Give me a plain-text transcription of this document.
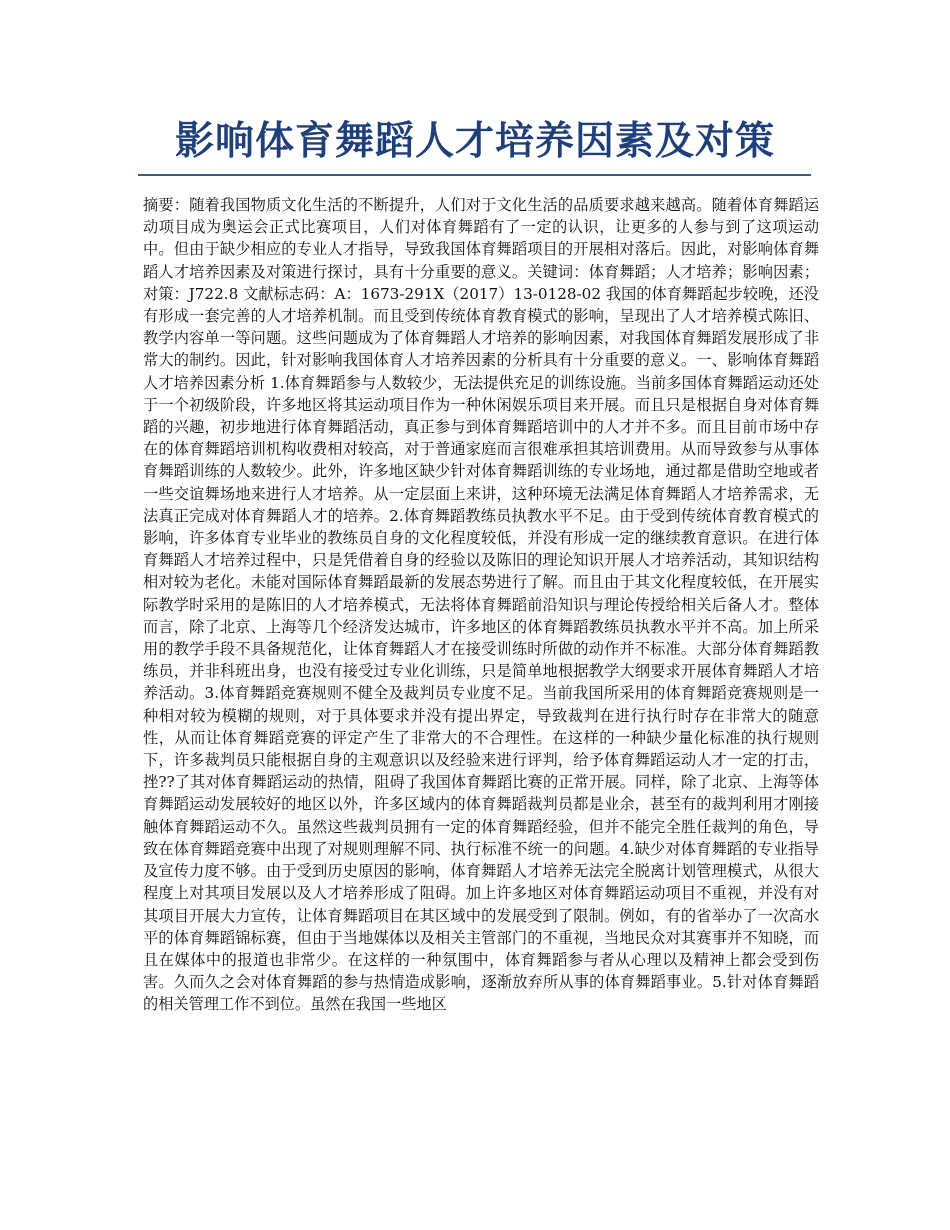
影响体育舞蹈人才培养因素及对策

摘要：随着我国物质文化生活的不断提升，人们对于文化生活的品质要求越来越高。随着体育舞蹈运动项目成为奥运会正式比赛项目，人们对体育舞蹈有了一定的认识，让更多的人参与到了这项运动中。但由于缺少相应的专业人才指导，导致我国体育舞蹈项目的开展相对落后。因此，对影响体育舞蹈人才培养因素及对策进行探讨，具有十分重要的意义。关键词：体育舞蹈；人才培养；影响因素；对策：J722.8 文献标志码：A：1673-291X（2017）13-0128-02 我国的体育舞蹈起步较晚，还没有形成一套完善的人才培养机制。而且受到传统体育教育模式的影响，呈现出了人才培养模式陈旧、教学内容单一等问题。这些问题成为了体育舞蹈人才培养的影响因素，对我国体育舞蹈发展形成了非常大的制约。因此，针对影响我国体育人才培养因素的分析具有十分重要的意义。一、影响体育舞蹈人才培养因素分析 1.体育舞蹈参与人数较少，无法提供充足的训练设施。当前多国体育舞蹈运动还处于一个初级阶段，许多地区将其运动项目作为一种休闲娱乐项目来开展。而且只是根据自身对体育舞蹈的兴趣，初步地进行体育舞蹈活动，真正参与到体育舞蹈培训中的人才并不多。而且目前市场中存在的体育舞蹈培训机构收费相对较高，对于普通家庭而言很难承担其培训费用。从而导致参与从事体育舞蹈训练的人数较少。此外，许多地区缺少针对体育舞蹈训练的专业场地，通过都是借助空地或者一些交谊舞场地来进行人才培养。从一定层面上来讲，这种环境无法满足体育舞蹈人才培养需求，无法真正完成对体育舞蹈人才的培养。2.体育舞蹈教练员执教水平不足。由于受到传统体育教育模式的影响，许多体育专业毕业的教练员自身的文化程度较低，并没有形成一定的继续教育意识。在进行体育舞蹈人才培养过程中，只是凭借着自身的经验以及陈旧的理论知识开展人才培养活动，其知识结构相对较为老化。未能对国际体育舞蹈最新的发展态势进行了解。而且由于其文化程度较低，在开展实际教学时采用的是陈旧的人才培养模式，无法将体育舞蹈前沿知识与理论传授给相关后备人才。整体而言，除了北京、上海等几个经济发达城市，许多地区的体育舞蹈教练员执教水平并不高。加上所采用的教学手段不具备规范化，让体育舞蹈人才在接受训练时所做的动作并不标准。大部分体育舞蹈教练员，并非科班出身，也没有接受过专业化训练，只是简单地根据教学大纲要求开展体育舞蹈人才培养活动。3.体育舞蹈竞赛规则不健全及裁判员专业度不足。当前我国所采用的体育舞蹈竞赛规则是一种相对较为模糊的规则，对于具体要求并没有提出界定，导致裁判在进行执行时存在非常大的随意性，从而让体育舞蹈竞赛的评定产生了非常大的不合理性。在这样的一种缺少量化标准的执行规则下，许多裁判员只能根据自身的主观意识以及经验来进行评判，给予体育舞蹈运动人才一定的打击，挫??了其对体育舞蹈运动的热情，阻碍了我国体育舞蹈比赛的正常开展。同样，除了北京、上海等体育舞蹈运动发展较好的地区以外，许多区域内的体育舞蹈裁判员都是业余，甚至有的裁判利用才刚接触体育舞蹈运动不久。虽然这些裁判员拥有一定的体育舞蹈经验，但并不能完全胜任裁判的角色，导致在体育舞蹈竞赛中出现了对规则理解不同、执行标准不统一的问题。4.缺少对体育舞蹈的专业指导及宣传力度不够。由于受到历史原因的影响，体育舞蹈人才培养无法完全脱离计划管理模式，从很大程度上对其项目发展以及人才培养形成了阻碍。加上许多地区对体育舞蹈运动项目不重视，并没有对其项目开展大力宣传，让体育舞蹈项目在其区域中的发展受到了限制。例如，有的省举办了一次高水平的体育舞蹈锦标赛，但由于当地媒体以及相关主管部门的不重视，当地民众对其赛事并不知晓，而且在媒体中的报道也非常少。在这样的一种氛围中，体育舞蹈参与者从心理以及精神上都会受到伤害。久而久之会对体育舞蹈的参与热情造成影响，逐渐放弃所从事的体育舞蹈事业。5.针对体育舞蹈的相关管理工作不到位。虽然在我国一些地区
